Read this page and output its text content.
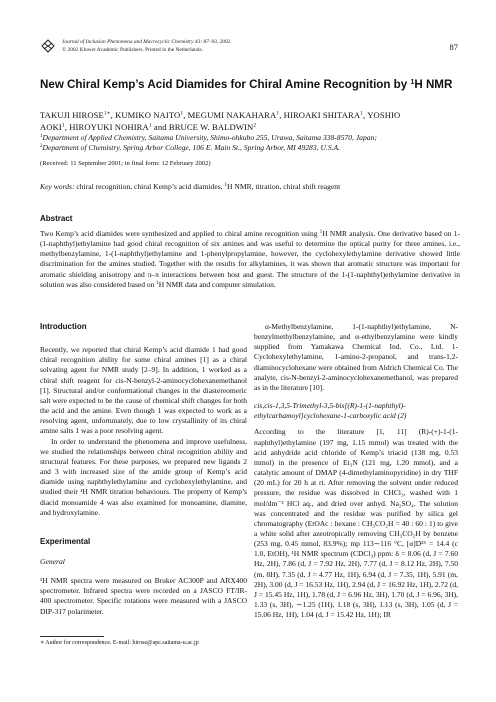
Journal of Inclusion Phenomena and Macrocyclic Chemistry 43: 87–93, 2002.
© 2002 Kluwer Academic Publishers. Printed in the Netherlands.	87
New Chiral Kemp’s Acid Diamides for Chiral Amine Recognition by $^1$H NMR
TAKUJI $HIROSE^{1∗}$, KUMIKO NAITO$^1$, MEGUMI NAKAHARA$^1$, HIROAKI SHITARA$^1$, YOSHIO
AOKI$^1$, HIROYUKI NOHIRA$^1$ and BRUCE W. BALDWIN$^2$
$^1$Department of Applied Chemistry, Saitama University, Shimo-ohkubo 255, Urawa, Saitama 338-8570, Japan;
$^2$Department of Chemistry, Spring Arbor College, 106 E. Main St., Spring Arbor, MI 49283, U.S.A.
(Received: 11 September 2001; in final form: 12 February 2002)
Key words: chiral recognition, chiral Kemp’s acid diamides, $^1$H NMR, titration, chiral shift reagent
Abstract
Two Kemp’s acid diamides were synthesized and applied to chiral amine recognition using $^1$H NMR analysis. One derivative based on 1-(1-naphthyl)ethylamine had good chiral recognition of six amines and was useful to determine the optical purity for three amines, i.e., methylbenzylamine, 1-(1-naphthyl)ethylamine and 1-phenylpropylamine, however, the cyclohexylethylamine derivative showed little discrimination for the amines studied. Together with the results for alkylamines, it was shown that aromatic structure was important for aromatic shielding anisotropy and π–π interactions between host and guest. The structure of the 1-(1-naphthyl)ethylamine derivative in solution was also considered based on $^1$H NMR data and computer simulation.
Introduction

Recently, we reported that chiral Kemp’s acid diamide 1 had good chiral recognition ability for some chiral amines [1] as a chiral solvating agent for NMR study [2–9]. In addition, 1 worked as a chiral shift reagent for cis-N-benzyl-2-aminocyclohexanemethanol [1]. Structural and/or conformational changes in the diastereomeric salt were expected to be the cause of chemical shift changes for both the acid and the amine. Even though 1 was expected to work as a resolving agent, unfortunately, due to low crystallinity of its chiral amine salts 1 was a poor resolving agent.

In order to understand the phenomena and improve usefulness, we studied the relationships between chiral recognition ability and structural features. For these purposes, we prepared new ligands 2 and 3 with increased size of the amide group of Kemp’s acid diamide using naphthylethylamine and cyclohexylethylamine, and studied their ¹H NMR titration behaviours. The property of Kemp’s diacid monoamide 4 was also examined for monoamine, diamine, and hydroxylamine.

Experimental
General

¹H NMR spectra were measured on Bruker AC300P and ARX400 spectrometer. Infrared spectra were recorded on a JASCO FT/IR-400 spectrometer. Specific rotations were measured with a JASCO DIP-317 polarimeter.

α-Methylbenzylamine, 1-(1-naphthyl)ethylamine, N-benzylmethylbenzylamine, and α-ethylbenzylamine were kindly supplied from Yamakawa Chemical Ind. Co., Ltd. 1-Cyclohexylethylamine, 1-amino-2-propanol, and trans-1,2-diaminocyclohexane were obtained from Aldrich Chemical Co. The analyte, cis-N-benzyl-2-aminocyclohexanemethanol, was prepared as in the literature [10].

cis,cis-1,3,5-Trimethyl-3,5-bis[(R)-1-(1-naphthyl)-ethylcarbamoyl]cyclohexane-1-carboxylic acid (2)

According to the literature [1, 11] (R)-(+)-1-(1-naphthyl)ethylamine (197 mg, 1.15 mmol) was treated with the acid anhydride acid chloride of Kemp’s triacid (138 mg, 0.53 mmol) in the presence of Et₃N (121 mg, 1.20 mmol), and a catalytic amount of DMAP (4-dimethylaminopyridine) in dry THF (20 mL) for 20 h at rt. After removing the solvent under reduced pressure, the residue was dissolved in CHCl₃, washed with 1 mol/dm⁻³ HCl aq., and dried over anhyd. Na₂SO₄. The solution was concentrated and the residue was purified by silica gel chromatography (EtOAc : hexane : CH₃CO₂H = 40 : 60 : 1) to give a white solid after azeotropically removing CH₃CO₂H by benzene (253 mg, 0.45 mmol, 83.9%); mp 113∼116 °C, [α]D²⁵ = 14.4 (c 1.0, EtOH), ¹H NMR spectrum (CDCl₃) ppm: δ = 8.06 (d, J = 7.60 Hz, 2H), 7.86 (d, J = 7.92 Hz, 2H), 7.77 (d, J = 8.12 Hz, 2H), 7.50 (m, 8H), 7.35 (d, J = 4.77 Hz, 1H), 6.94 (d, J = 7.35, 1H), 5.91 (m, 2H), 3.00 (d, J = 16.53 Hz, 1H), 2.94 (d, J = 16.92 Hz, 1H), 2.72 (d, J = 15.45 Hz, 1H), 1.78 (d, J = 6.96 Hz, 3H), 1.70 (d, J = 6.96, 3H), 1.33 (s, 3H), ∼1.25 (1H), 1.18 (s, 3H), 1.13 (s, 3H), 1.05 (d, J = 15.06 Hz, 1H), 1.04 (d, J = 15.42 Hz, 1H); IR

∗ Author for correspondence. E-mail: hirose@apc.saitama-u.ac.jp
